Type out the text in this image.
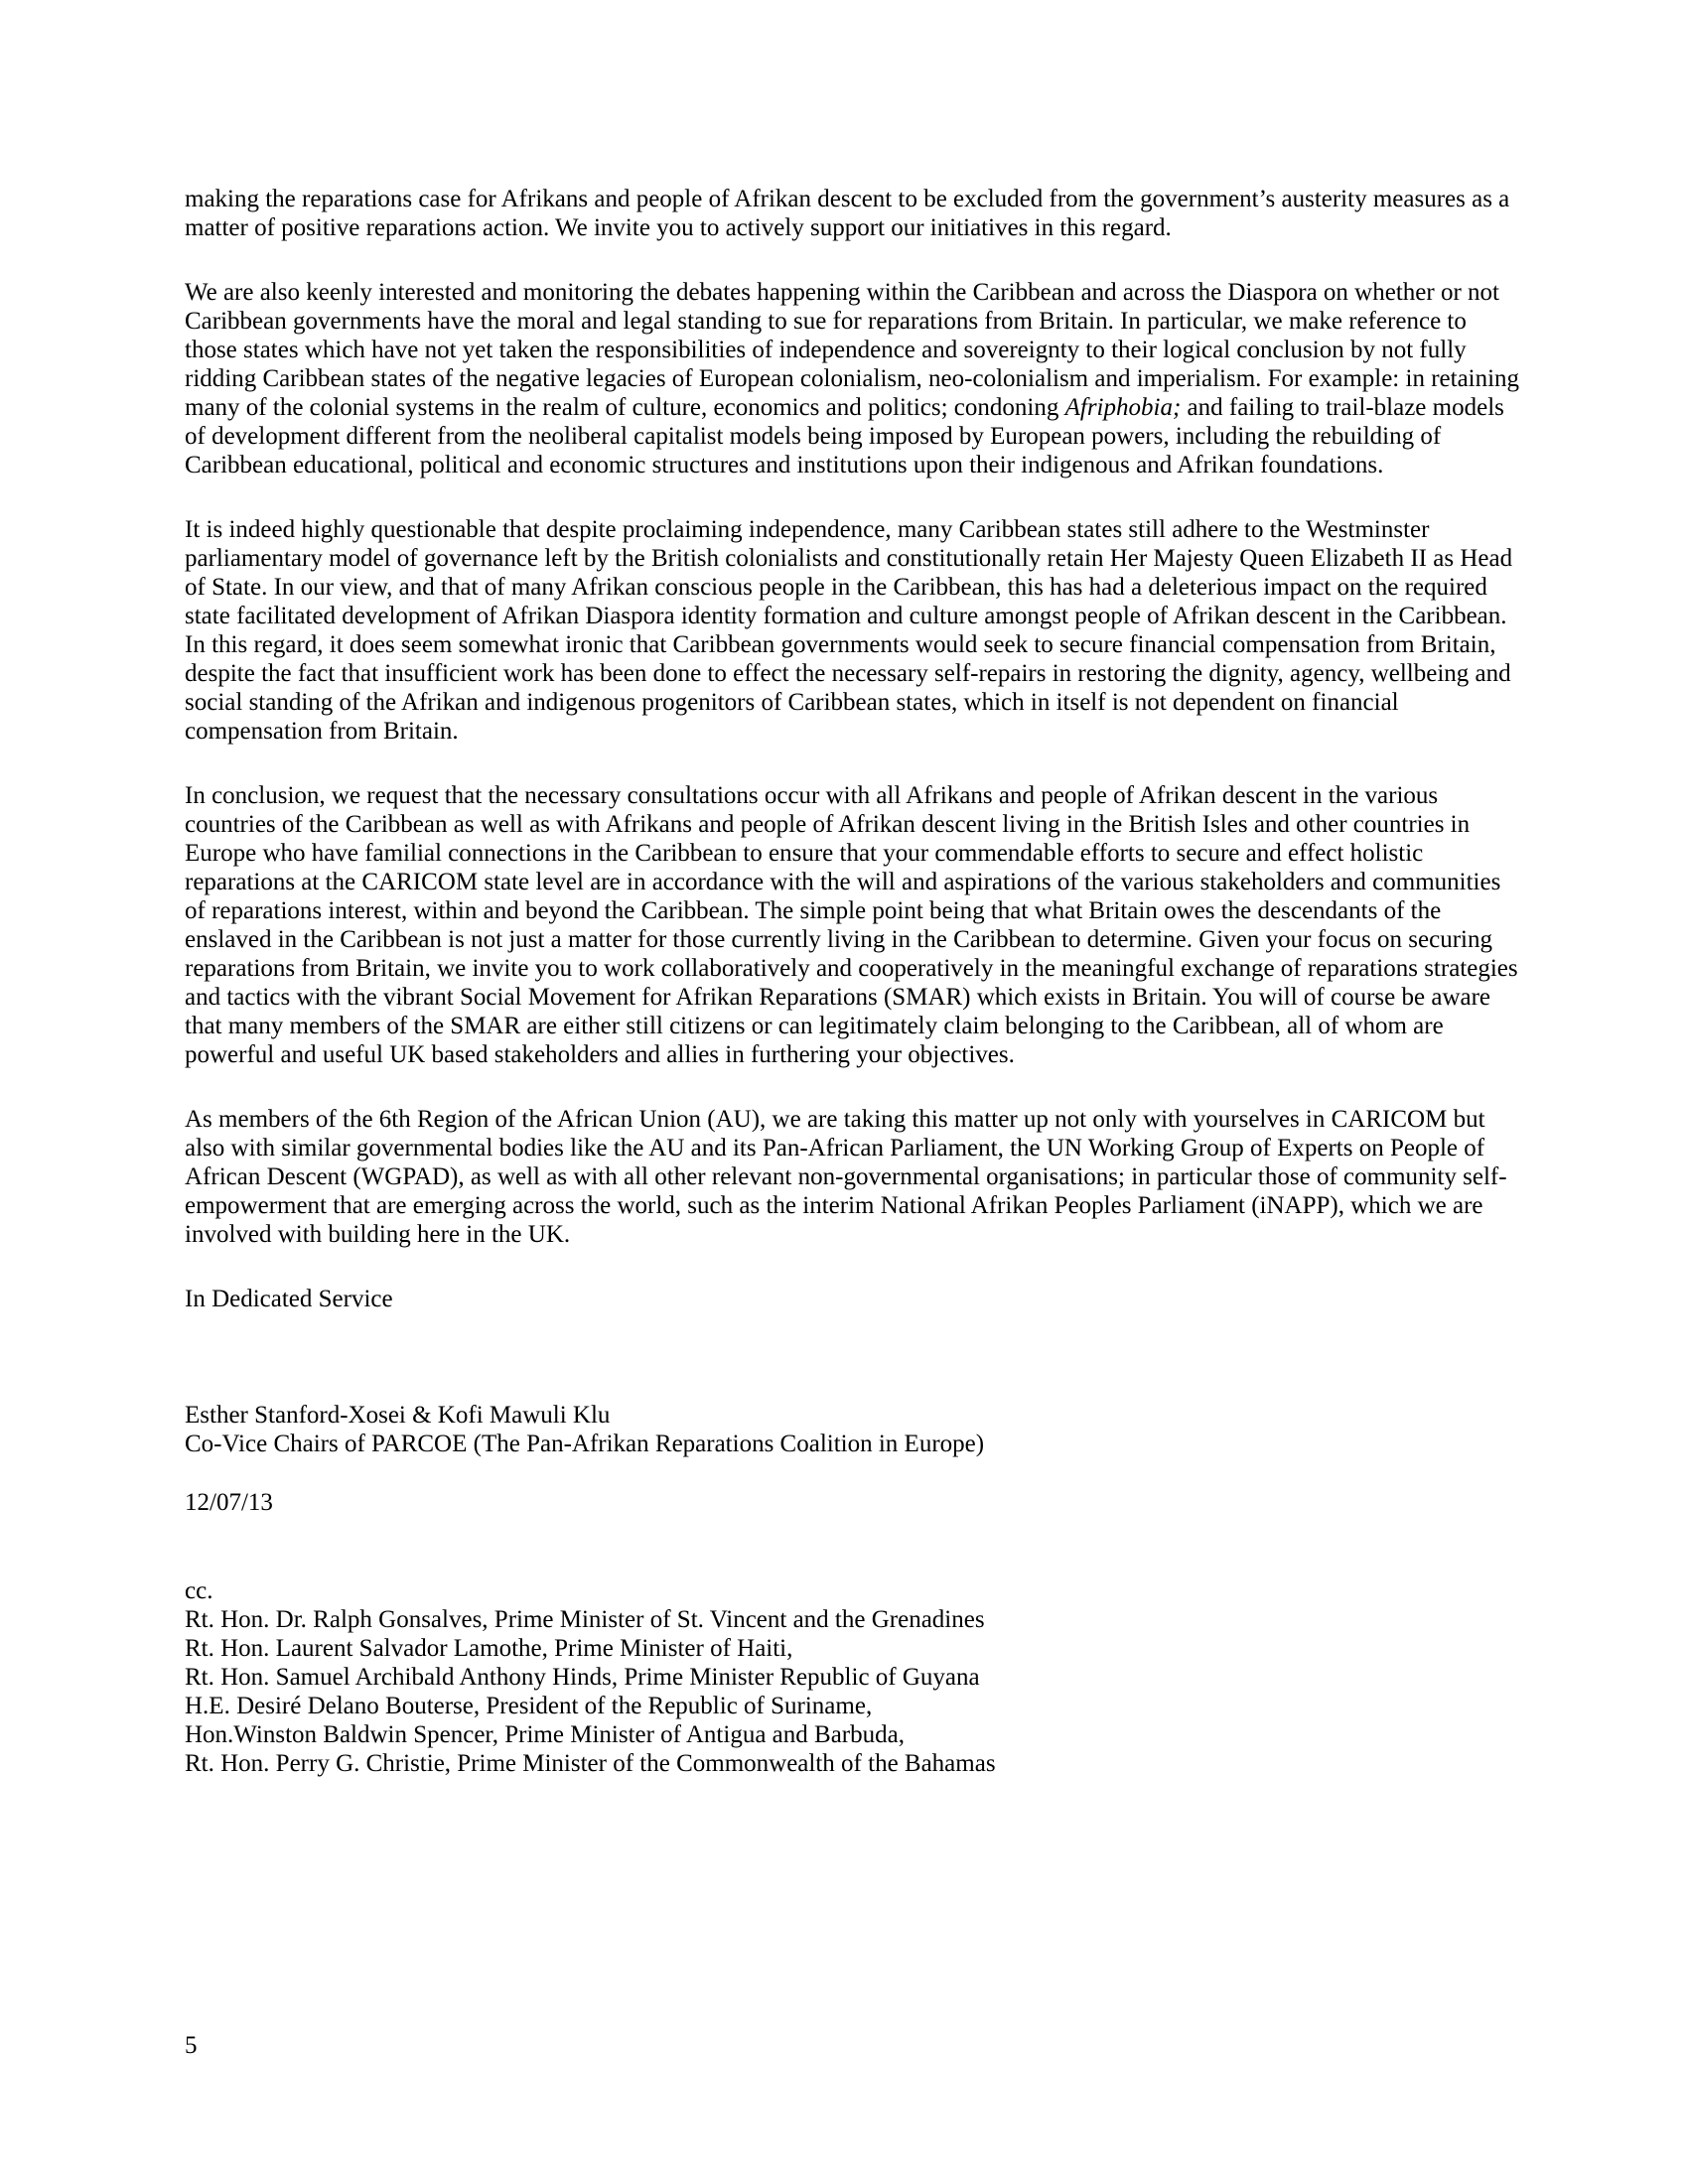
making the reparations case for Afrikans and people of Afrikan descent to be excluded from the government’s austerity measures as a matter of positive reparations action. We invite you to actively support our initiatives in this regard.

We are also keenly interested and monitoring the debates happening within the Caribbean and across the Diaspora on whether or not Caribbean governments have the moral and legal standing to sue for reparations from Britain. In particular, we make reference to those states which have not yet taken the responsibilities of independence and sovereignty to their logical conclusion by not fully ridding Caribbean states of the negative legacies of European colonialism, neo-colonialism and imperialism. For example: in retaining many of the colonial systems in the realm of culture, economics and politics; condoning Afriphobia; and failing to trail-blaze models of development different from the neoliberal capitalist models being imposed by European powers, including the rebuilding of Caribbean educational, political and economic structures and institutions upon their indigenous and Afrikan foundations.

It is indeed highly questionable that despite proclaiming independence, many Caribbean states still adhere to the Westminster parliamentary model of governance left by the British colonialists and constitutionally retain Her Majesty Queen Elizabeth II as Head of State. In our view, and that of many Afrikan conscious people in the Caribbean, this has had a deleterious impact on the required state facilitated development of Afrikan Diaspora identity formation and culture amongst people of Afrikan descent in the Caribbean. In this regard, it does seem somewhat ironic that Caribbean governments would seek to secure financial compensation from Britain, despite the fact that insufficient work has been done to effect the necessary self-repairs in restoring the dignity, agency, wellbeing and social standing of the Afrikan and indigenous progenitors of Caribbean states, which in itself is not dependent on financial compensation from Britain.

In conclusion, we request that the necessary consultations occur with all Afrikans and people of Afrikan descent in the various countries of the Caribbean as well as with Afrikans and people of Afrikan descent living in the British Isles and other countries in Europe who have familial connections in the Caribbean to ensure that your commendable efforts to secure and effect holistic reparations at the CARICOM state level are in accordance with the will and aspirations of the various stakeholders and communities of reparations interest, within and beyond the Caribbean. The simple point being that what Britain owes the descendants of the enslaved in the Caribbean is not just a matter for those currently living in the Caribbean to determine. Given your focus on securing reparations from Britain, we invite you to work collaboratively and cooperatively in the meaningful exchange of reparations strategies and tactics with the vibrant Social Movement for Afrikan Reparations (SMAR) which exists in Britain. You will of course be aware that many members of the SMAR are either still citizens or can legitimately claim belonging to the Caribbean, all of whom are powerful and useful UK based stakeholders and allies in furthering your objectives.

As members of the 6th Region of the African Union (AU), we are taking this matter up not only with yourselves in CARICOM but also with similar governmental bodies like the AU and its Pan-African Parliament, the UN Working Group of Experts on People of African Descent (WGPAD), as well as with all other relevant non-governmental organisations; in particular those of community self-empowerment that are emerging across the world, such as the interim National Afrikan Peoples Parliament (iNAPP), which we are involved with building here in the UK.

In Dedicated Service

Esther Stanford-Xosei & Kofi Mawuli Klu
Co-Vice Chairs of PARCOE (The Pan-Afrikan Reparations Coalition in Europe)

12/07/13

cc.
Rt. Hon. Dr. Ralph Gonsalves, Prime Minister of St. Vincent and the Grenadines
Rt. Hon. Laurent Salvador Lamothe, Prime Minister of Haiti,
Rt. Hon. Samuel Archibald Anthony Hinds, Prime Minister Republic of Guyana
H.E. Desiré Delano Bouterse, President of the Republic of Suriname,
Hon.Winston Baldwin Spencer, Prime Minister of Antigua and Barbuda,
Rt. Hon. Perry G. Christie, Prime Minister of the Commonwealth of the Bahamas
5
